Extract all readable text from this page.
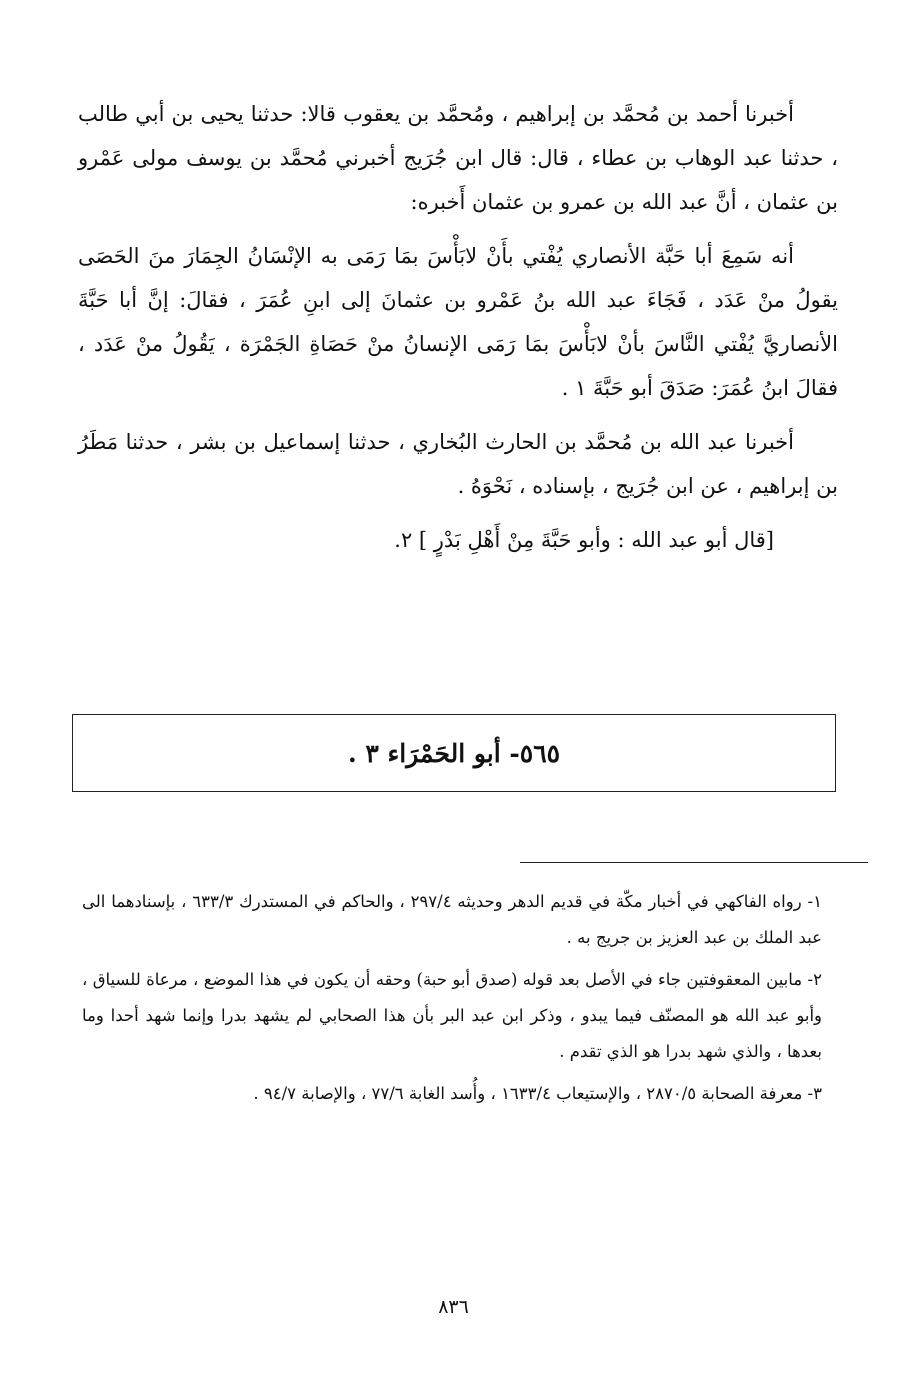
أخبرنا أحمد بن مُحمَّد بن إبراهيم ، ومُحمَّد بن يعقوب قالا: حدثنا يحيى بن أبي طالب ، حدثنا عبد الوهاب بن عطاء ، قال: قال ابن جُرَيج أخبرني مُحمَّد بن يوسف مولى عَمْرو بن عثمان ، أنَّ عبد الله بن عمرو بن عثمان أَخبره:

أنه سَمِعَ أبا حَبَّة الأنصاري يُفْتي بأَنْ لابَأْسَ بمَا رَمَى به الإنْسَانُ الجِمَارَ منَ الحَصَى يقولُ منْ عَدَد ، فَجَاءَ عبد الله بنُ عَمْرو بن عثمانَ إلى ابنِ عُمَرَ ، فقالَ: إنَّ أبا حَبَّةَ الأنصاريَّ يُفْتي النَّاسَ بأنْ لابَأْسَ بمَا رَمَى الإنسانُ منْ حَصَاةِ الجَمْرَة ، يَقُولُ منْ عَدَد ، فقالَ ابنُ عُمَرَ: صَدَقَ أبو حَبَّةَ ١ .

أخبرنا عبد الله بن مُحمَّد بن الحارث البُخاري ، حدثنا إسماعيل بن بشر ، حدثنا مَطَرُ بن إبراهيم ، عن ابن جُرَيج ، بإسناده ، نَحْوَهُ .

[قال أبو عبد الله : وأبو حَبَّةَ مِنْ أَهْلِ بَدْرٍ ] ٢.

٥٦٥- أبو الحَمْرَاء ٣ .

١- رواه الفاكهي في أخبار مكّة في قديم الدهر وحديثه ٢٩٧/٤ ، والحاكم في المستدرك ٦٣٣/٣ ، بإسنادهما الى عبد الملك بن عبد العزيز بن جريج به .

٢- مابين المعقوفتين جاء في الأصل بعد قوله (صدق أبو حبة) وحقه أن يكون في هذا الموضع ، مرعاة للسياق ، وأبو عبد الله هو المصنّف فيما يبدو ، وذكر ابن عبد البر بأن هذا الصحابي لم يشهد بدرا وإنما شهد أحدا وما بعدها ، والذي شهد بدرا هو الذي تقدم .

٣- معرفة الصحابة ٢٨٧٠/٥ ، والإستيعاب ١٦٣٣/٤ ، وأُسد الغابة ٧٧/٦ ، والإصابة ٩٤/٧ .

٨٣٦
